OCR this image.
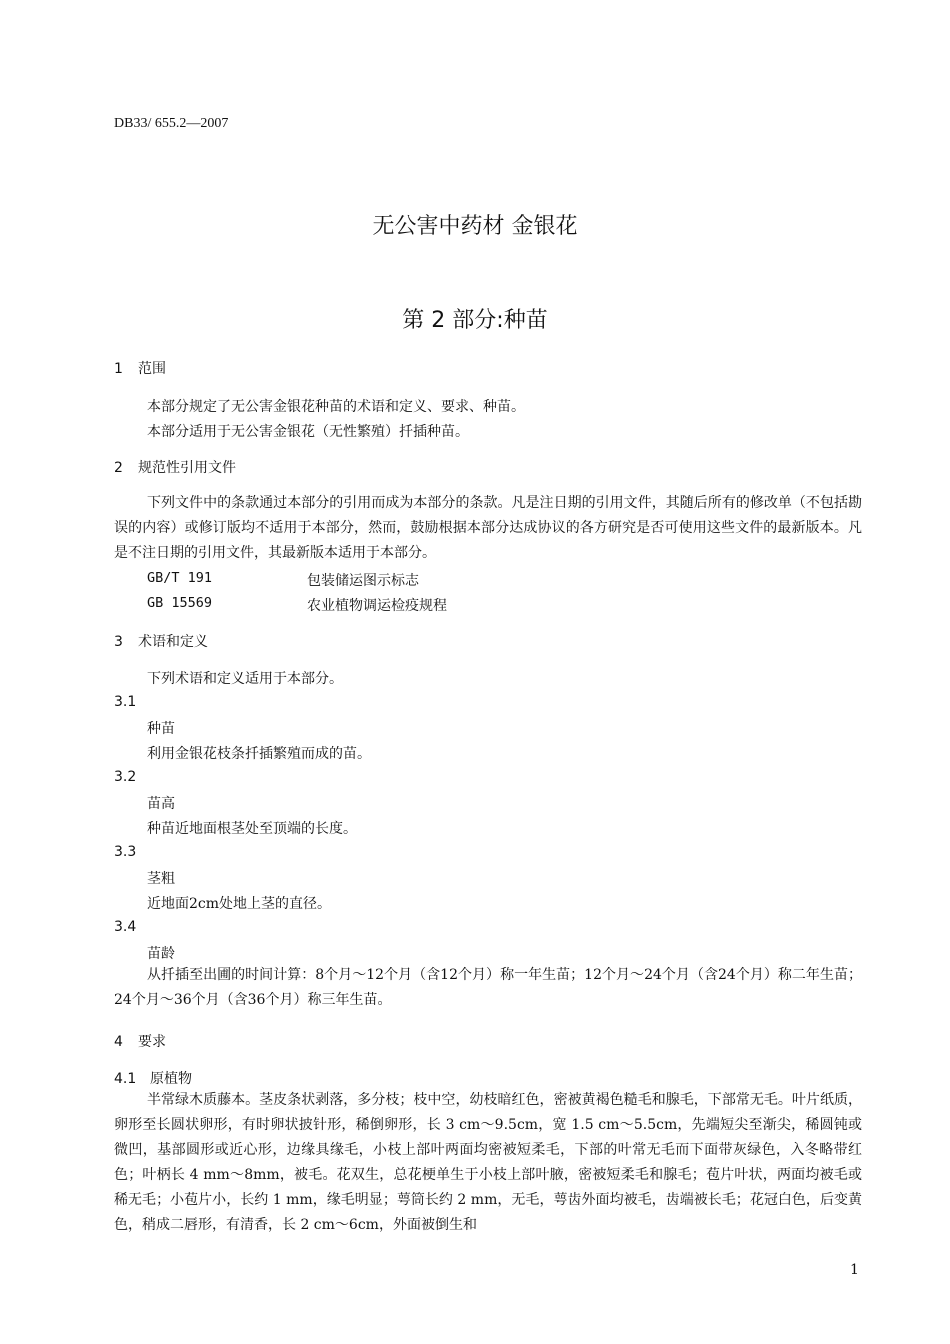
DB33/ 655.2—2007
无公害中药材 金银花
第 2 部分:种苗
1 范围
本部分规定了无公害金银花种苗的术语和定义、要求、种苗。
本部分适用于无公害金银花（无性繁殖）扦插种苗。
2 规范性引用文件
下列文件中的条款通过本部分的引用而成为本部分的条款。凡是注日期的引用文件，其随后所有的修改单（不包括勘误的内容）或修订版均不适用于本部分，然而，鼓励根据本部分达成协议的各方研究是否可使用这些文件的最新版本。凡是不注日期的引用文件，其最新版本适用于本部分。
GB/T 191	包装储运图示标志
GB 15569	农业植物调运检疫规程
3 术语和定义
下列术语和定义适用于本部分。
3.1
种苗
利用金银花枝条扦插繁殖而成的苗。
3.2
苗高
种苗近地面根茎处至顶端的长度。
3.3
茎粗
近地面2cm处地上茎的直径。
3.4
苗龄
从扦插至出圃的时间计算：8个月～12个月（含12个月）称一年生苗；12个月～24个月（含24个月）称二年生苗；24个月～36个月（含36个月）称三年生苗。
4 要求
4.1 原植物
半常绿木质藤本。茎皮条状剥落，多分枝；枝中空，幼枝暗红色，密被黄褐色糙毛和腺毛，下部常无毛。叶片纸质，卵形至长圆状卵形，有时卵状披针形，稀倒卵形，长 3 cm～9.5cm，宽 1.5 cm～5.5cm，先端短尖至渐尖，稀圆钝或微凹，基部圆形或近心形，边缘具缘毛，小枝上部叶两面均密被短柔毛，下部的叶常无毛而下面带灰绿色，入冬略带红色；叶柄长 4 mm～8mm，被毛。花双生，总花梗单生于小枝上部叶腋，密被短柔毛和腺毛；苞片叶状，两面均被毛或稀无毛；小苞片小，长约 1 mm，缘毛明显；萼筒长约 2 mm，无毛，萼齿外面均被毛，齿端被长毛；花冠白色，后变黄色，稍成二唇形，有清香，长 2 cm～6cm，外面被倒生和
1
